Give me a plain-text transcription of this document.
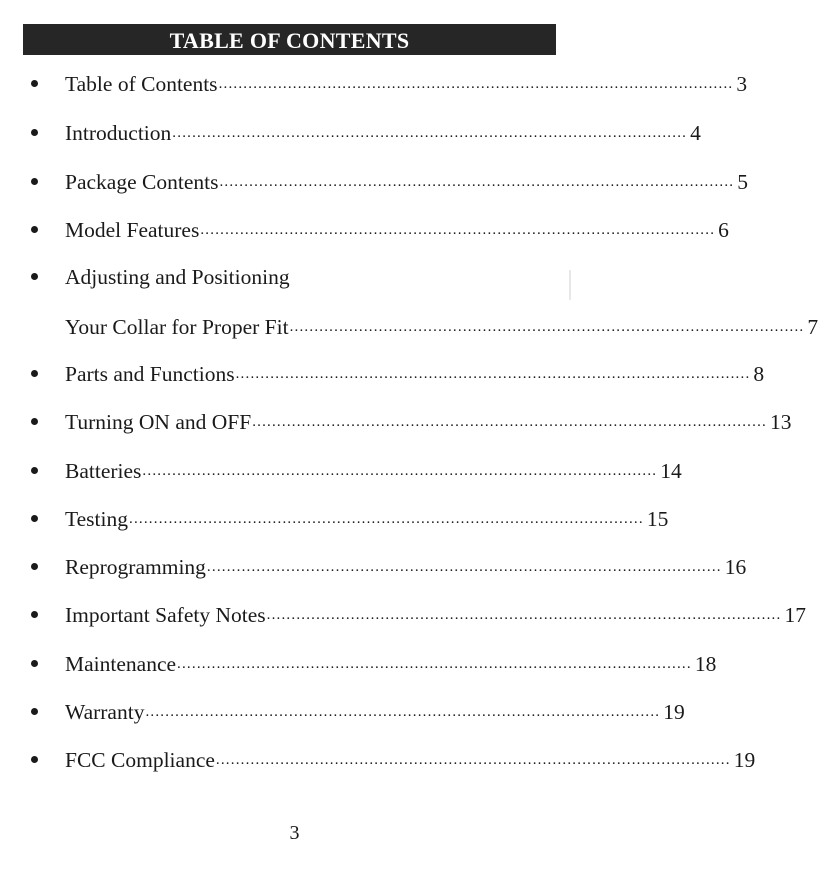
TABLE OF CONTENTS
Table of Contents ........................................................................................................ 3
Introduction ........................................................................................................ 4
Package Contents ........................................................................................................ 5
Model Features ........................................................................................................ 6
Adjusting and Positioning
Your Collar for Proper Fit ........................................................................................................ 7
Parts and Functions ........................................................................................................ 8
Turning ON and OFF ........................................................................................................ 13
Batteries ........................................................................................................ 14
Testing ........................................................................................................ 15
Reprogramming ........................................................................................................ 16
Important Safety Notes ........................................................................................................ 17
Maintenance ........................................................................................................ 18
Warranty ........................................................................................................ 19
FCC Compliance ........................................................................................................ 19
3
